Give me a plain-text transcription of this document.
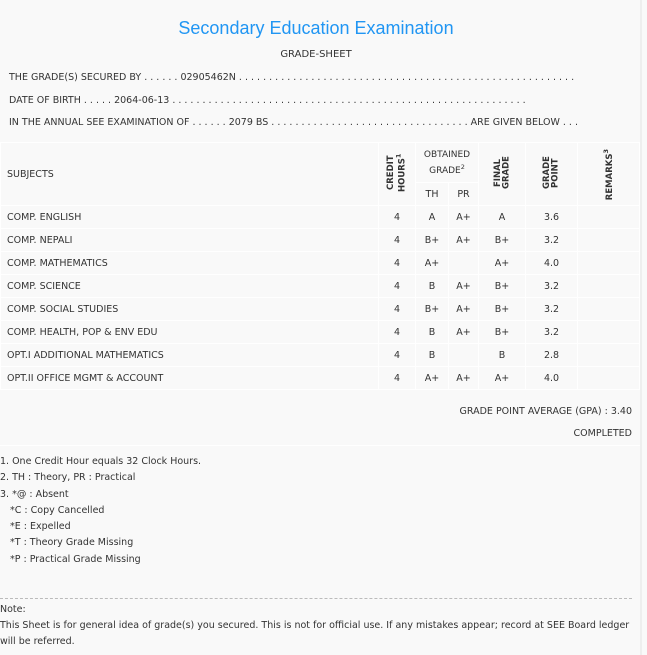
Secondary Education Examination
GRADE-SHEET
THE GRADE(S) SECURED BY . . . . . . 02905462N . . . . . . . . . . . . . . . . . . . . . . . . . . . . . . . . . . . . . . . . . . . . . . . . . . . . . . . .
DATE OF BIRTH . . . . . 2064-06-13 . . . . . . . . . . . . . . . . . . . . . . . . . . . . . . . . . . . . . . . . . . . . . . . . . . . . . . . . . . .
IN THE ANNUAL SEE EXAMINATION OF . . . . . . 2079 BS . . . . . . . . . . . . . . . . . . . . . . . . . . . . . . . . . ARE GIVEN BELOW . . .
SUBJECTS	CREDIT HOURS$^1$	OBTAINED GRADE$^2$		FINAL GRADE	GRADE POINT	REMARKS$^3$
		TH	PR			
COMP. ENGLISH	4	A	A+	A	3.6	
COMP. NEPALI	4	B+	A+	B+	3.2	
COMP. MATHEMATICS	4	A+		A+	4.0	
COMP. SCIENCE	4	B	A+	B+	3.2	
COMP. SOCIAL STUDIES	4	B+	A+	B+	3.2	
COMP. HEALTH, POP & ENV EDU	4	B	A+	B+	3.2	
OPT.I ADDITIONAL MATHEMATICS	4	B		B	2.8	
OPT.II OFFICE MGMT & ACCOUNT	4	A+	A+	A+	4.0	
GRADE POINT AVERAGE (GPA) : 3.40
COMPLETED
1. One Credit Hour equals 32 Clock Hours.
2. TH : Theory, PR : Practical
3. *@ : Absent
*C : Copy Cancelled
*E : Expelled
*T : Theory Grade Missing
*P : Practical Grade Missing
Note:
This Sheet is for general idea of grade(s) you secured. This is not for official use. If any mistakes appear; record at SEE Board ledger will be referred.
